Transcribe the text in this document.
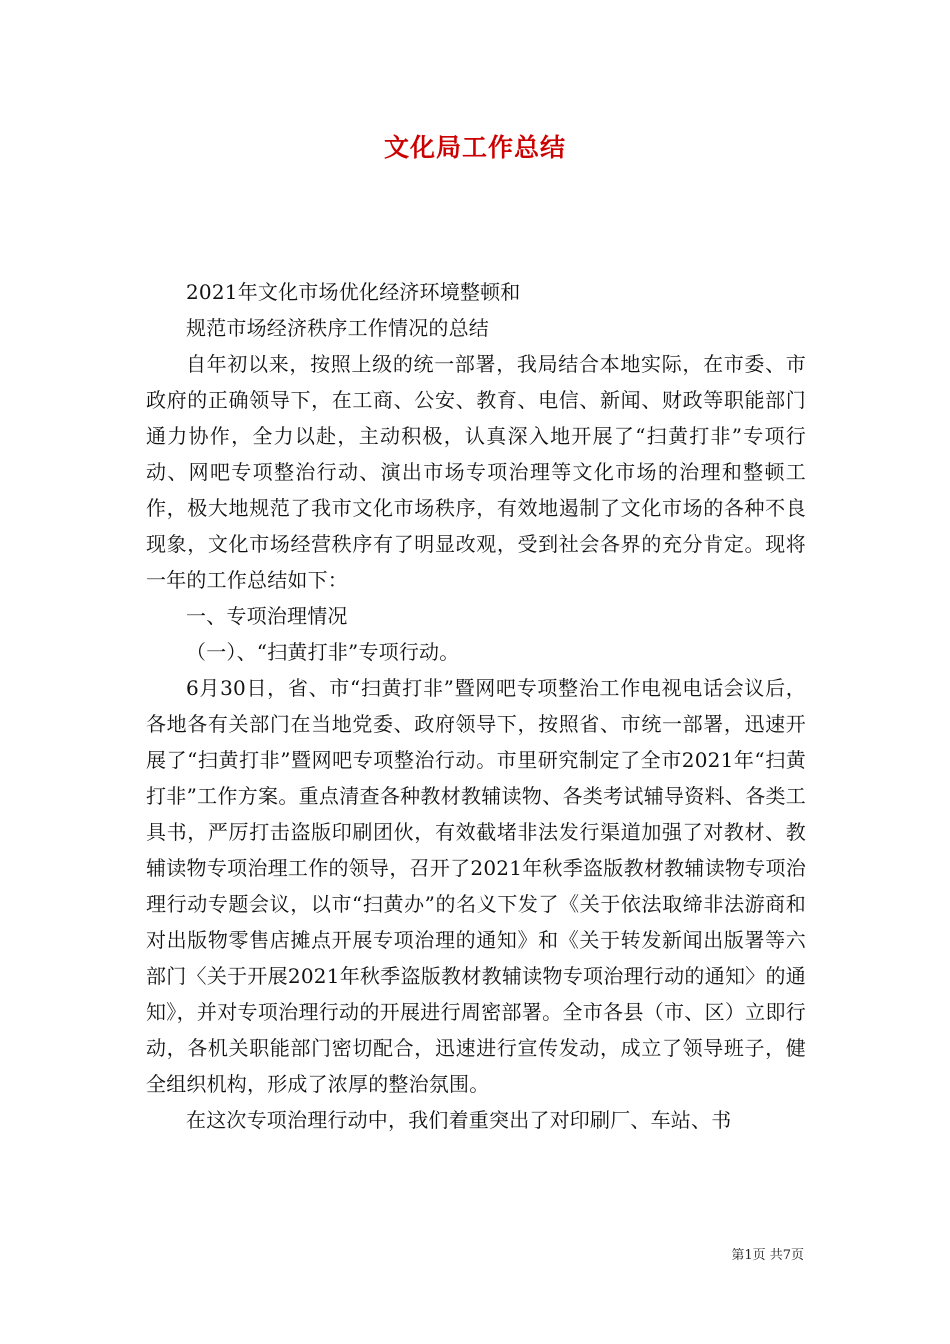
文化局工作总结

2021年文化市场优化经济环境整顿和

规范市场经济秩序工作情况的总结

自年初以来，按照上级的统一部署，我局结合本地实际，在市委、市政府的正确领导下，在工商、公安、教育、电信、新闻、财政等职能部门通力协作，全力以赴，主动积极，认真深入地开展了“扫黄打非”专项行动、网吧专项整治行动、演出市场专项治理等文化市场的治理和整顿工作，极大地规范了我市文化市场秩序，有效地遏制了文化市场的各种不良现象，文化市场经营秩序有了明显改观，受到社会各界的充分肯定。现将一年的工作总结如下：

一、专项治理情况

（一）、“扫黄打非”专项行动。

6月30日，省、市“扫黄打非”暨网吧专项整治工作电视电话会议后，各地各有关部门在当地党委、政府领导下，按照省、市统一部署，迅速开展了“扫黄打非”暨网吧专项整治行动。市里研究制定了全市2021年“扫黄打非”工作方案。重点清查各种教材教辅读物、各类考试辅导资料、各类工具书，严厉打击盗版印刷团伙，有效截堵非法发行渠道加强了对教材、教辅读物专项治理工作的领导，召开了2021年秋季盗版教材教辅读物专项治理行动专题会议，以市“扫黄办”的名义下发了《关于依法取缔非法游商和对出版物零售店摊点开展专项治理的通知》和《关于转发新闻出版署等六部门〈关于开展2021年秋季盗版教材教辅读物专项治理行动的通知〉的通知》，并对专项治理行动的开展进行周密部署。全市各县（市、区）立即行动，各机关职能部门密切配合，迅速进行宣传发动，成立了领导班子，健全组织机构，形成了浓厚的整治氛围。

在这次专项治理行动中，我们着重突出了对印刷厂、车站、书

第1页 共7页
